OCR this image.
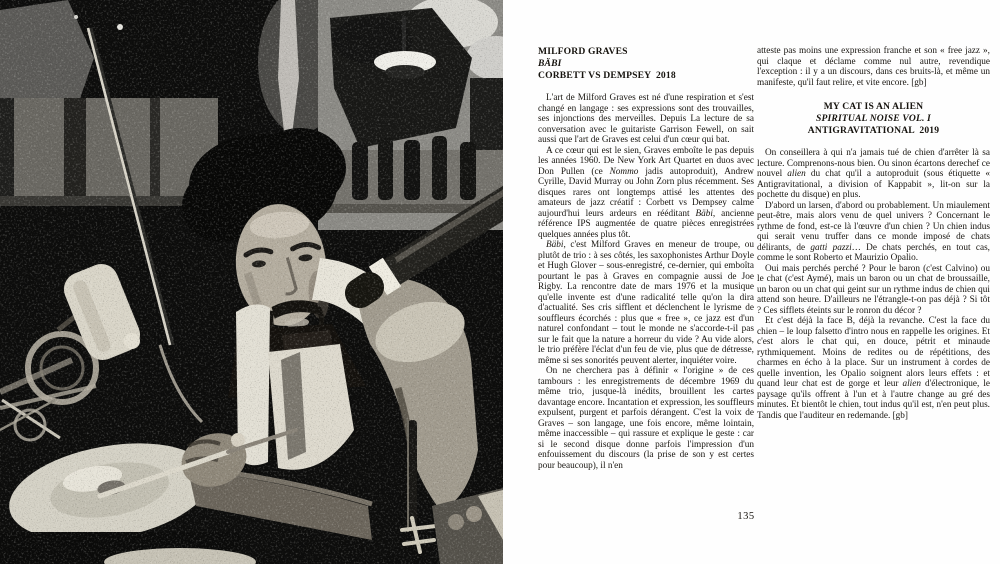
MILFORD GRAVES
BÄBI
CORBETT VS DEMPSEY  2018

L'art de Milford Graves est né d'une respiration et s'est changé en langage : ses expressions sont des trouvailles, ses injonctions des merveilles. Depuis La lecture de sa conversation avec le guitariste Garrison Fewell, on sait aussi que l'art de Graves est celui d'un cœur qui bat.

A ce cœur qui est le sien, Graves emboîte le pas depuis les années 1960. De New York Art Quartet en duos avec Don Pullen (ce Nommo jadis autoproduit), Andrew Cyrille, David Murray ou John Zorn plus récemment. Ses disques rares ont longtemps attisé les attentes des amateurs de jazz créatif : Corbett vs Dempsey calme aujourd'hui leurs ardeurs en rééditant Bäbi, ancienne référence IPS augmentée de quatre pièces enregistrées quelques années plus tôt.

Bäbi, c'est Milford Graves en meneur de troupe, ou plutôt de trio : à ses côtés, les saxophonistes Arthur Doyle et Hugh Glover – sous-enregistré, ce-dernier, qui emboîta pourtant le pas à Graves en compagnie aussi de Joe Rigby. La rencontre date de mars 1976 et la musique qu'elle invente est d'une radicalité telle qu'on la dira d'actualité. Ses cris sifflent et déclenchent le lyrisme de souffleurs écorchés : plus que « free », ce jazz est d'un naturel confondant – tout le monde ne s'accorde-t-il pas sur le fait que la nature a horreur du vide ? Au vide alors, le trio préfère l'éclat d'un feu de vie, plus que de détresse, même si ses sonorités peuvent alerter, inquiéter voire.

On ne cherchera pas à définir « l'origine » de ces tambours : les enregistrements de décembre 1969 du même trio, jusque-là inédits, brouillent les cartes davantage encore. Incantation et expression, les souffleurs expulsent, purgent et parfois dérangent. C'est la voix de Graves – son langage, une fois encore, même lointain, même inaccessible – qui rassure et explique le geste : car si le second disque donne parfois l'impression d'un enfouissement du discours (la prise de son y est certes pour beaucoup), il n'en

atteste pas moins une expression franche et son « free jazz », qui claque et déclame comme nul autre, revendique l'exception : il y a un discours, dans ces bruits-là, et même un manifeste, qu'il faut relire, et vite encore. [gb]

MY CAT IS AN ALIEN
SPIRITUAL NOISE VOL. I
ANTIGRAVITATIONAL  2019

On conseillera à qui n'a jamais tué de chien d'arrêter là sa lecture. Comprenons-nous bien. Ou sinon écartons derechef ce nouvel alien du chat qu'il a autoproduit (sous étiquette « Antigravitational, a division of Kappabit », lit-on sur la pochette du disque) en plus.

D'abord un larsen, d'abord ou probablement. Un miaulement peut-être, mais alors venu de quel univers ? Concernant le rythme de fond, est-ce là l'œuvre d'un chien ? Un chien indus qui serait venu truffer dans ce monde imposé de chats délirants, de gatti pazzi… De chats perchés, en tout cas, comme le sont Roberto et Maurizio Opalio.

Oui mais perchés perché ? Pour le baron (c'est Calvino) ou le chat (c'est Aymé), mais un baron ou un chat de broussaille, un baron ou un chat qui geint sur un rythme indus de chien qui attend son heure. D'ailleurs ne l'étrangle-t-on pas déjà ? Si tôt ? Ces sifflets éteints sur le ronron du décor ?

Et c'est déjà la face B, déjà la revanche. C'est la face du chien – le loup falsetto d'intro nous en rappelle les origines. Et c'est alors le chat qui, en douce, pétrit et minaude rythmiquement. Moins de redites ou de répétitions, des charmes en écho à la place. Sur un instrument à cordes de quelle invention, les Opalio soignent alors leurs effets : et quand leur chat est de gorge et leur alien d'électronique, le paysage qu'ils offrent à l'un et à l'autre change au gré des minutes. Et bientôt le chien, tout indus qu'il est, n'en peut plus. Tandis que l'auditeur en redemande. [gb]

135
